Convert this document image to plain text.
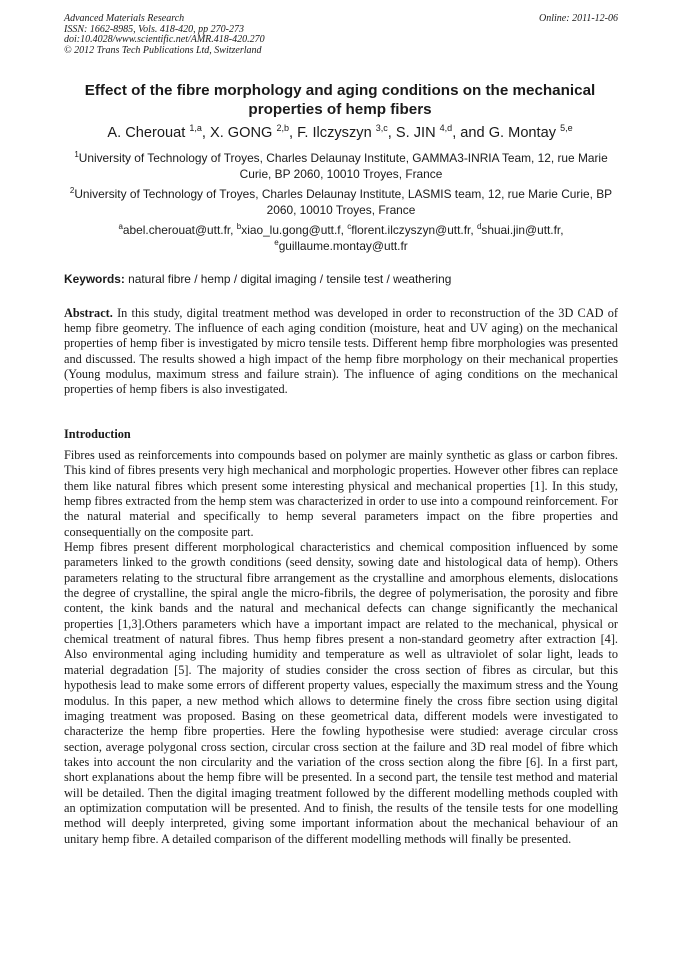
Advanced Materials Research
ISSN: 1662-8985, Vols. 418-420, pp 270-273
doi:10.4028/www.scientific.net/AMR.418-420.270
© 2012 Trans Tech Publications Ltd, Switzerland
Online: 2011-12-06
Effect of the fibre morphology and aging conditions on the mechanical properties of hemp fibers
A. Cherouat $^{1,a}$, X. GONG $^{2,b}$, F. Ilczyszyn $^{3,c}$, S. JIN $^{4,d}$, and G. Montay $^{5,e}$
$^1$University of Technology of Troyes, Charles Delaunay Institute, GAMMA3-INRIA Team, 12, rue Marie Curie, BP 2060, 10010 Troyes, France
$^2$University of Technology of Troyes, Charles Delaunay Institute, LASMIS team, 12, rue Marie Curie, BP 2060, 10010 Troyes, France
$^a$abel.cherouat@utt.fr, $^b$xiao_lu.gong@utt.f, $^c$florent.ilczyszyn@utt.fr, $^d$shuai.jin@utt.fr,
$^e$guillaume.montay@utt.fr
Keywords: natural fibre / hemp / digital imaging / tensile test / weathering
Abstract. In this study, digital treatment method was developed in order to reconstruction of the 3D CAD of hemp fibre geometry. The influence of each aging condition (moisture, heat and UV aging) on the mechanical properties of hemp fiber is investigated by micro tensile tests. Different hemp fibre morphologies was presented and discussed. The results showed a high impact of the hemp fibre morphology on their mechanical properties (Young modulus, maximum stress and failure strain). The influence of aging conditions on the mechanical properties of hemp fibers is also investigated.
Introduction

Fibres used as reinforcements into compounds based on polymer are mainly synthetic as glass or carbon fibres. This kind of fibres presents very high mechanical and morphologic properties. However other fibres can replace them like natural fibres which present some interesting physical and mechanical properties [1]. In this study, hemp fibres extracted from the hemp stem was characterized in order to use into a compound reinforcement. For the natural material and specifically to hemp several parameters impact on the fibre properties and consequentially on the composite part.

Hemp fibres present different morphological characteristics and chemical composition influenced by some parameters linked to the growth conditions (seed density, sowing date and histological data of hemp). Others parameters relating to the structural fibre arrangement as the crystalline and amorphous elements, dislocations the degree of crystalline, the spiral angle the micro-fibrils, the degree of polymerisation, the porosity and fibre content, the kink bands and the natural and mechanical defects can change significantly the mechanical properties [1,3].Others parameters which have a important impact are related to the mechanical, physical or chemical treatment of natural fibres. Thus hemp fibres present a non-standard geometry after extraction [4]. Also environmental aging including humidity and temperature as well as ultraviolet of solar light, leads to material degradation [5]. The majority of studies consider the cross section of fibres as circular, but this hypothesis lead to make some errors of different property values, especially the maximum stress and the Young modulus. In this paper, a new method which allows to determine finely the cross fibre section using digital imaging treatment was proposed. Basing on these geometrical data, different models were investigated to characterize the hemp fibre properties. Here the fowling hypothesise were studied: average circular cross section, average polygonal cross section, circular cross section at the failure and 3D real model of fibre which takes into account the non circularity and the variation of the cross section along the fibre [6]. In a first part, short explanations about the hemp fibre will be presented. In a second part, the tensile test method and material will be detailed. Then the digital imaging treatment followed by the different modelling methods coupled with an optimization computation will be presented. And to finish, the results of the tensile tests for one modelling method will deeply interpreted, giving some important information about the mechanical behaviour of an unitary hemp fibre. A detailed comparison of the different modelling methods will finally be presented.
